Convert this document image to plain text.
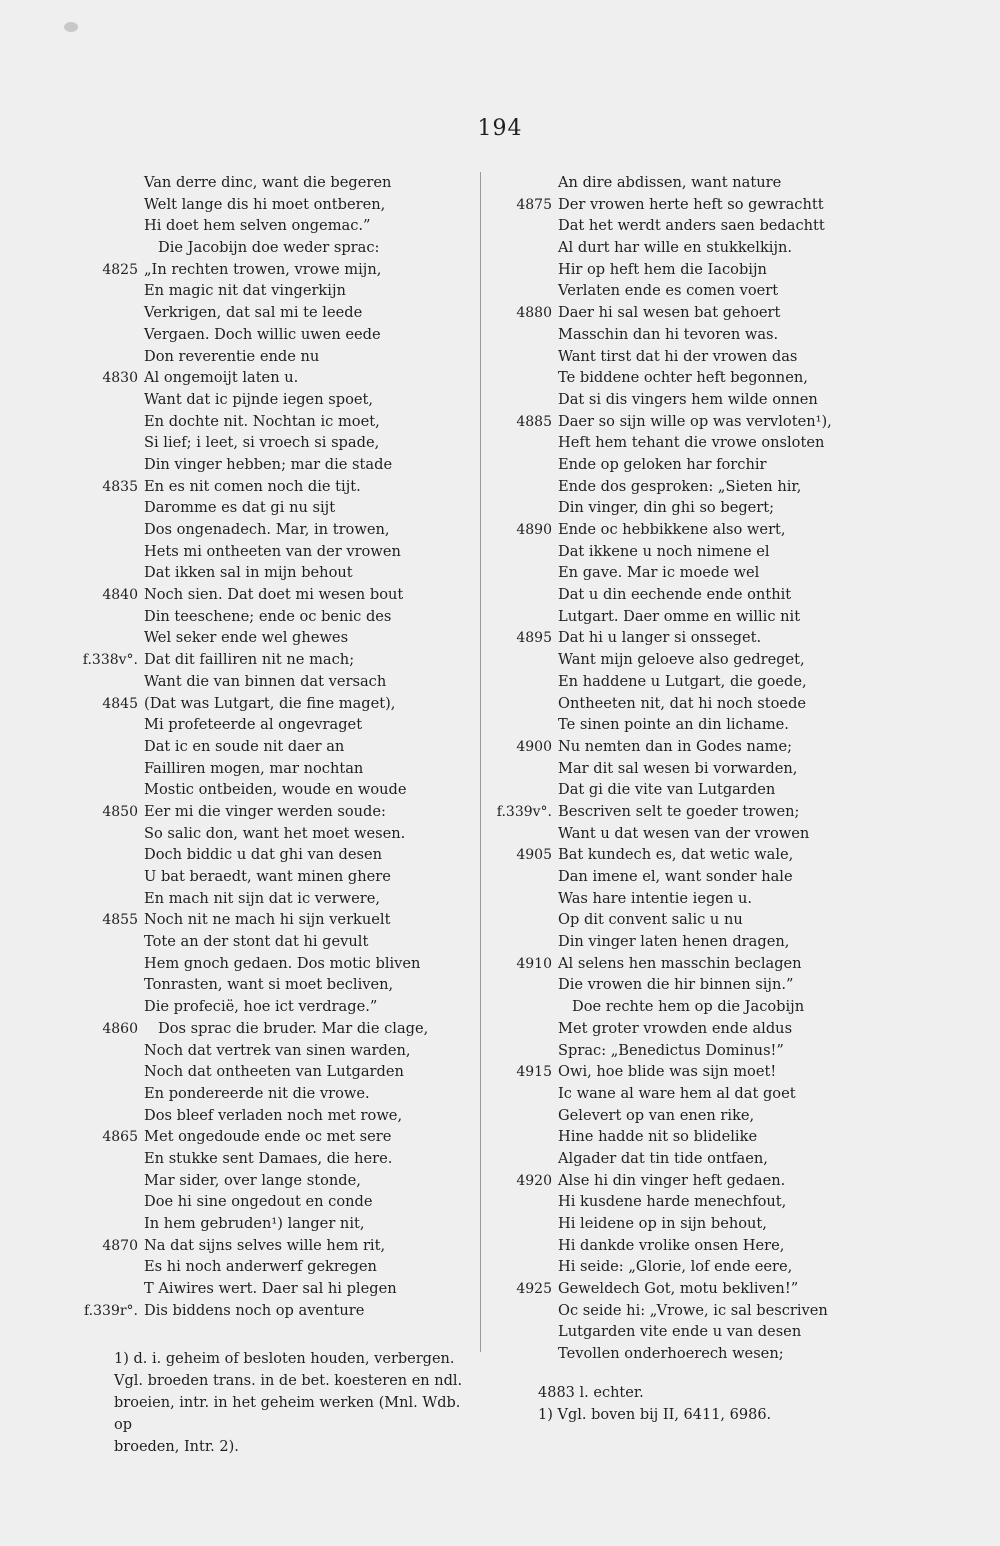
194
Van derre dinc, want die begeren
Welt lange dis hi moet ontberen,
Hi doet hem selven ongemac.”
Die Jacobijn doe weder sprac:
4825 „In rechten trowen, vrowe mijn,
En magic nit dat vingerkijn
Verkrigen, dat sal mi te leede
Vergaen. Doch willic uwen eede
Don reverentie ende nu
4830 Al ongemoijt laten u.
Want dat ic pijnde iegen spoet,
En dochte nit. Nochtan ic moet,
Si lief; i leet, si vroech si spade,
Din vinger hebben; mar die stade
4835 En es nit comen noch die tijt.
Daromme es dat gi nu sijt
Dos ongenadech. Mar, in trowen,
Hets mi ontheeten van der vrowen
Dat ikken sal in mijn behout
4840 Noch sien. Dat doet mi wesen bout
Din teeschene; ende oc benic des
Wel seker ende wel ghewes
f.338v°. Dat dit failliren nit ne mach;
Want die van binnen dat versach
4845 (Dat was Lutgart, die fine maget),
Mi profeteerde al ongevraget
Dat ic en soude nit daer an
Failliren mogen, mar nochtan
Mostic ontbeiden, woude en woude
4850 Eer mi die vinger werden soude:
So salic don, want het moet wesen.
Doch biddic u dat ghi van desen
U bat beraedt, want minen ghere
En mach nit sijn dat ic verwere,
4855 Noch nit ne mach hi sijn verkuelt
Tote an der stont dat hi gevult
Hem gnoch gedaen. Dos motic bliven
Tonrasten, want si moet becliven,
Die profecië, hoe ict verdrage.”
4860 Dos sprac die bruder. Mar die clage,
Noch dat vertrek van sinen warden,
Noch dat ontheeten van Lutgarden
En pondereerde nit die vrowe.
Dos bleef verladen noch met rowe,
4865 Met ongedoude ende oc met sere
En stukke sent Damaes, die here.
Mar sider, over lange stonde,
Doe hi sine ongedout en conde
In hem gebruden¹) langer nit,
4870 Na dat sijns selves wille hem rit,
Es hi noch anderwerf gekregen
T Aiwires wert. Daer sal hi plegen
f.339r°. Dis biddens noch op aventure
An dire abdissen, want nature
4875 Der vrowen herte heft so gewrachtt
Dat het werdt anders saen bedachtt
Al durt har wille en stukkelkijn.
Hir op heft hem die Iacobijn
Verlaten ende es comen voert
4880 Daer hi sal wesen bat gehoert
Masschin dan hi tevoren was.
Want tirst dat hi der vrowen das
Te biddene ochter heft begonnen,
Dat si dis vingers hem wilde onnen
4885 Daer so sijn wille op was vervloten¹),
Heft hem tehant die vrowe onsloten
Ende op geloken har forchir
Ende dos gesproken: „Sieten hir,
Din vinger, din ghi so begert;
4890 Ende oc hebbikkene also wert,
Dat ikkene u noch nimene el
En gave. Mar ic moede wel
Dat u din eechende ende onthit
Lutgart. Daer omme en willic nit
4895 Dat hi u langer si onsseget.
Want mijn geloeve also gedreget,
En haddene u Lutgart, die goede,
Ontheeten nit, dat hi noch stoede
Te sinen pointe an din lichame.
4900 Nu nemten dan in Godes name;
Mar dit sal wesen bi vorwarden,
Dat gi die vite van Lutgarden
f.339v°. Bescriven selt te goeder trowen;
Want u dat wesen van der vrowen
4905 Bat kundech es, dat wetic wale,
Dan imene el, want sonder hale
Was hare intentie iegen u.
Op dit convent salic u nu
Din vinger laten henen dragen,
4910 Al selens hen masschin beclagen
Die vrowen die hir binnen sijn.”
Doe rechte hem op die Jacobijn
Met groter vrowden ende aldus
Sprac: „Benedictus Dominus!”
4915 Owi, hoe blide was sijn moet!
Ic wane al ware hem al dat goet
Gelevert op van enen rike,
Hine hadde nit so blidelike
Algader dat tin tide ontfaen,
4920 Alse hi din vinger heft gedaen.
Hi kusdene harde menechfout,
Hi leidene op in sijn behout,
Hi dankde vrolike onsen Here,
Hi seide: „Glorie, lof ende eere,
4925 Geweldech Got, motu bekliven!”
Oc seide hi: „Vrowe, ic sal bescriven
Lutgarden vite ende u van desen
Tevollen onderhoerech wesen;
1) d. i. geheim of besloten houden, verbergen.
Vgl. broeden trans. in de bet. koesteren en ndl.
broeien, intr. in het geheim werken (Mnl. Wdb. op
broeden, Intr. 2).
4883 l. echter.
1) Vgl. boven bij II, 6411, 6986.
